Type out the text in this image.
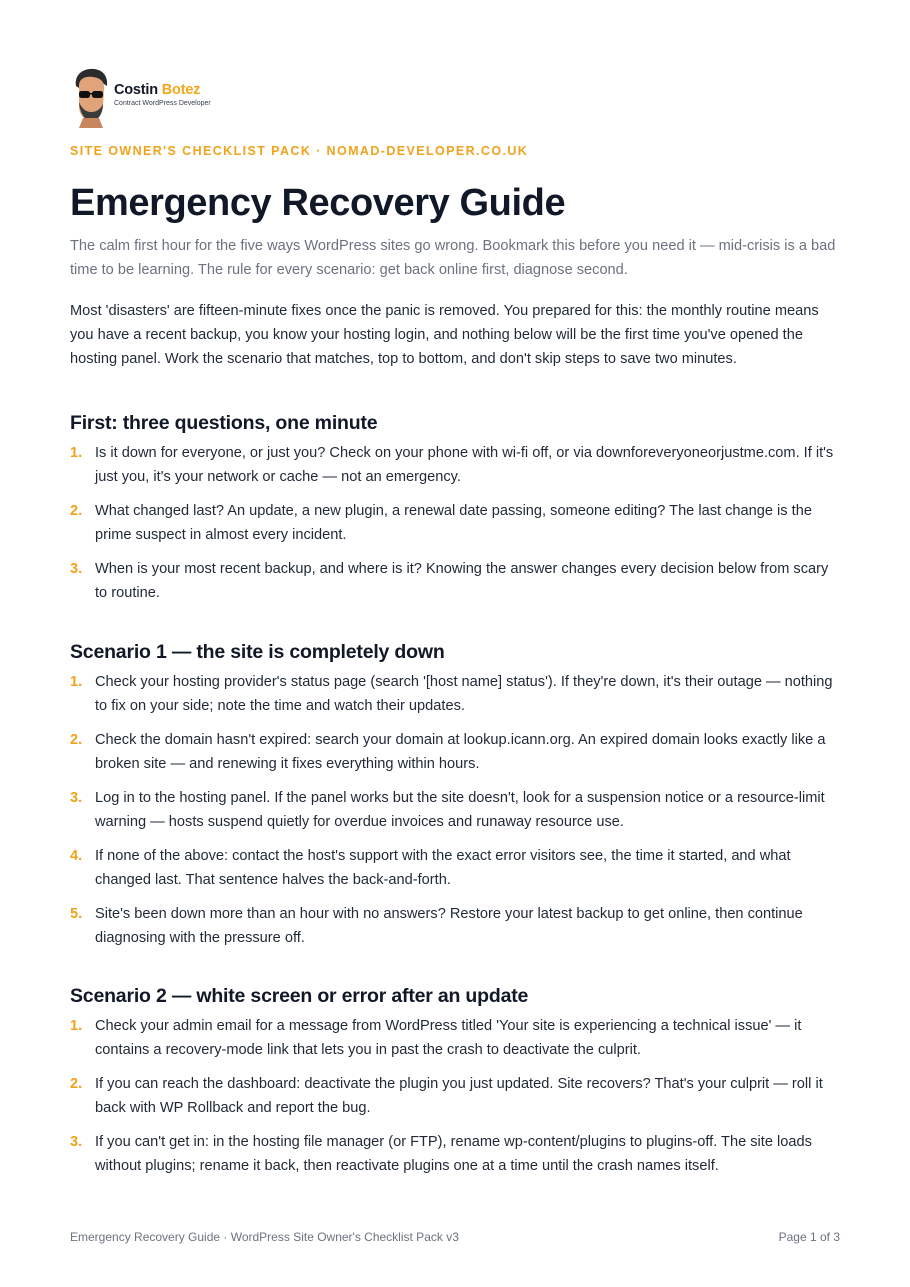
Costin Botez
Contract WordPress Developer
SITE OWNER'S CHECKLIST PACK · NOMAD-DEVELOPER.CO.UK
Emergency Recovery Guide

The calm first hour for the five ways WordPress sites go wrong. Bookmark this before you need it — mid-crisis is a bad time to be learning. The rule for every scenario: get back online first, diagnose second.

Most 'disasters' are fifteen-minute fixes once the panic is removed. You prepared for this: the monthly routine means you have a recent backup, you know your hosting login, and nothing below will be the first time you've opened the hosting panel. Work the scenario that matches, top to bottom, and don't skip steps to save two minutes.

First: three questions, one minute
1. Is it down for everyone, or just you? Check on your phone with wi-fi off, or via downforeveryoneorjustme.com. If it's just you, it's your network or cache — not an emergency.
2. What changed last? An update, a new plugin, a renewal date passing, someone editing? The last change is the prime suspect in almost every incident.
3. When is your most recent backup, and where is it? Knowing the answer changes every decision below from scary to routine.
Scenario 1 — the site is completely down
1. Check your hosting provider's status page (search '[host name] status'). If they're down, it's their outage — nothing to fix on your side; note the time and watch their updates.
2. Check the domain hasn't expired: search your domain at lookup.icann.org. An expired domain looks exactly like a broken site — and renewing it fixes everything within hours.
3. Log in to the hosting panel. If the panel works but the site doesn't, look for a suspension notice or a resource-limit warning — hosts suspend quietly for overdue invoices and runaway resource use.
4. If none of the above: contact the host's support with the exact error visitors see, the time it started, and what changed last. That sentence halves the back-and-forth.
5. Site's been down more than an hour with no answers? Restore your latest backup to get online, then continue diagnosing with the pressure off.
Scenario 2 — white screen or error after an update
1. Check your admin email for a message from WordPress titled 'Your site is experiencing a technical issue' — it contains a recovery-mode link that lets you in past the crash to deactivate the culprit.
2. If you can reach the dashboard: deactivate the plugin you just updated. Site recovers? That's your culprit — roll it back with WP Rollback and report the bug.
3. If you can't get in: in the hosting file manager (or FTP), rename wp-content/plugins to plugins-off. The site loads without plugins; rename it back, then reactivate plugins one at a time until the crash names itself.
Emergency Recovery Guide · WordPress Site Owner's Checklist Pack v3	Page 1 of 3
